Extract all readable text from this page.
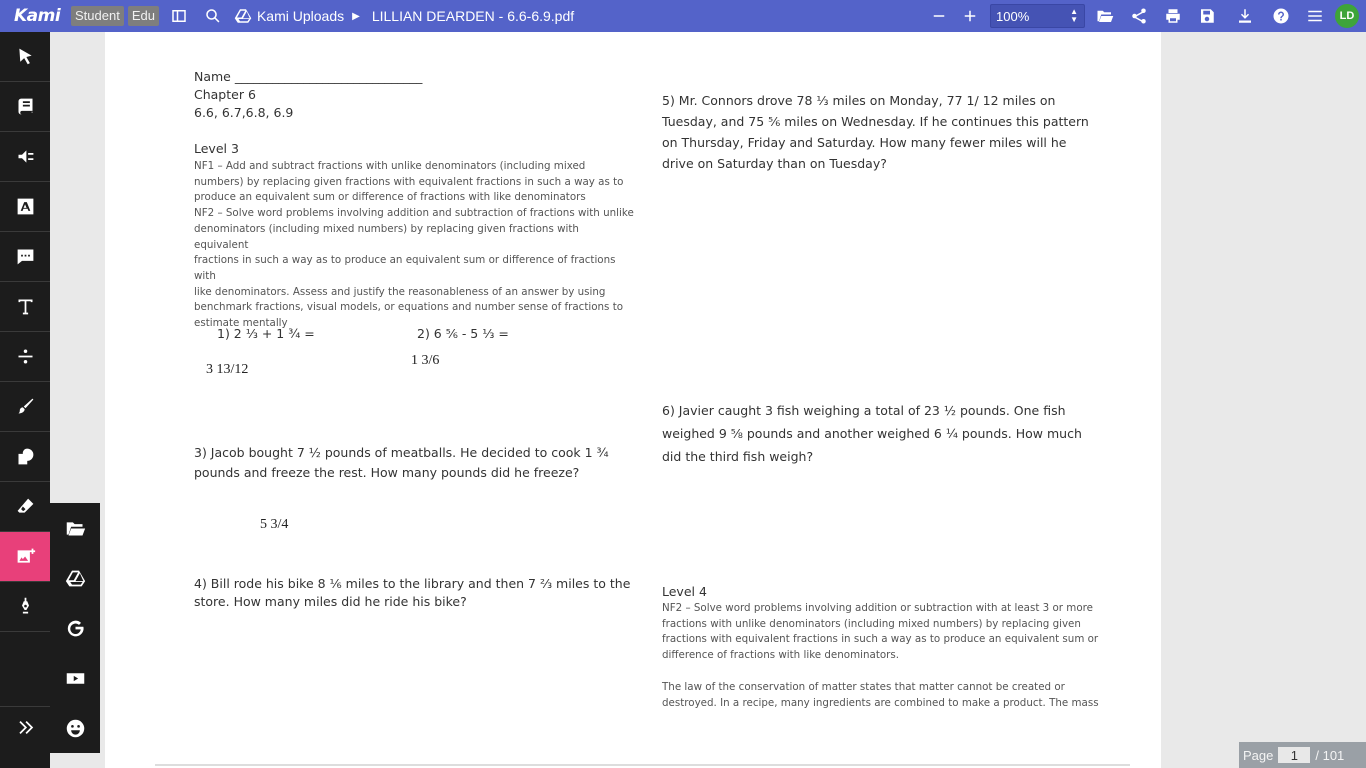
Kami	Student Edu	Kami Uploads ▶ LILLIAN DEARDEN - 6.6-6.9.pdf	100%	▲
▼	LD
Name ______________________________
Chapter 6
6.6, 6.7,6.8, 6.9
Level 3
NF1 – Add and subtract fractions with unlike denominators (including mixed
numbers) by replacing given fractions with equivalent fractions in such a way as to
produce an equivalent sum or difference of fractions with like denominators
NF2 – Solve word problems involving addition and subtraction of fractions with unlike
denominators (including mixed numbers) by replacing given fractions with equivalent
fractions in such a way as to produce an equivalent sum or difference of fractions with
like denominators. Assess and justify the reasonableness of an answer by using
benchmark fractions, visual models, or equations and number sense of fractions to
estimate mentally
1) 2 ⅓ + 1 ¾ =	2) 6 ⅚ - 5 ⅓ =
3 13/12
1 3/6
3) Jacob bought 7 ½ pounds of meatballs. He decided to cook 1 ¾
pounds and freeze the rest. How many pounds did he freeze?
5 3/4
4) Bill rode his bike 8 ⅙ miles to the library and then 7 ⅔ miles to the
store. How many miles did he ride his bike?
5) Mr. Connors drove 78 ⅓ miles on Monday, 77 1/ 12 miles on
Tuesday, and 75 ⅚ miles on Wednesday. If he continues this pattern
on Thursday, Friday and Saturday. How many fewer miles will he
drive on Saturday than on Tuesday?
6) Javier caught 3 fish weighing a total of 23 ½ pounds. One fish
weighed 9 ⅝ pounds and another weighed 6 ¼ pounds. How much
did the third fish weigh?
Level 4
NF2 – Solve word problems involving addition or subtraction with at least 3 or more
fractions with unlike denominators (including mixed numbers) by replacing given
fractions with equivalent fractions in such a way as to produce an equivalent sum or
difference of fractions with like denominators.
The law of the conservation of matter states that matter cannot be created or
destroyed. In a recipe, many ingredients are combined to make a product. The mass
Page	1	/ 101
